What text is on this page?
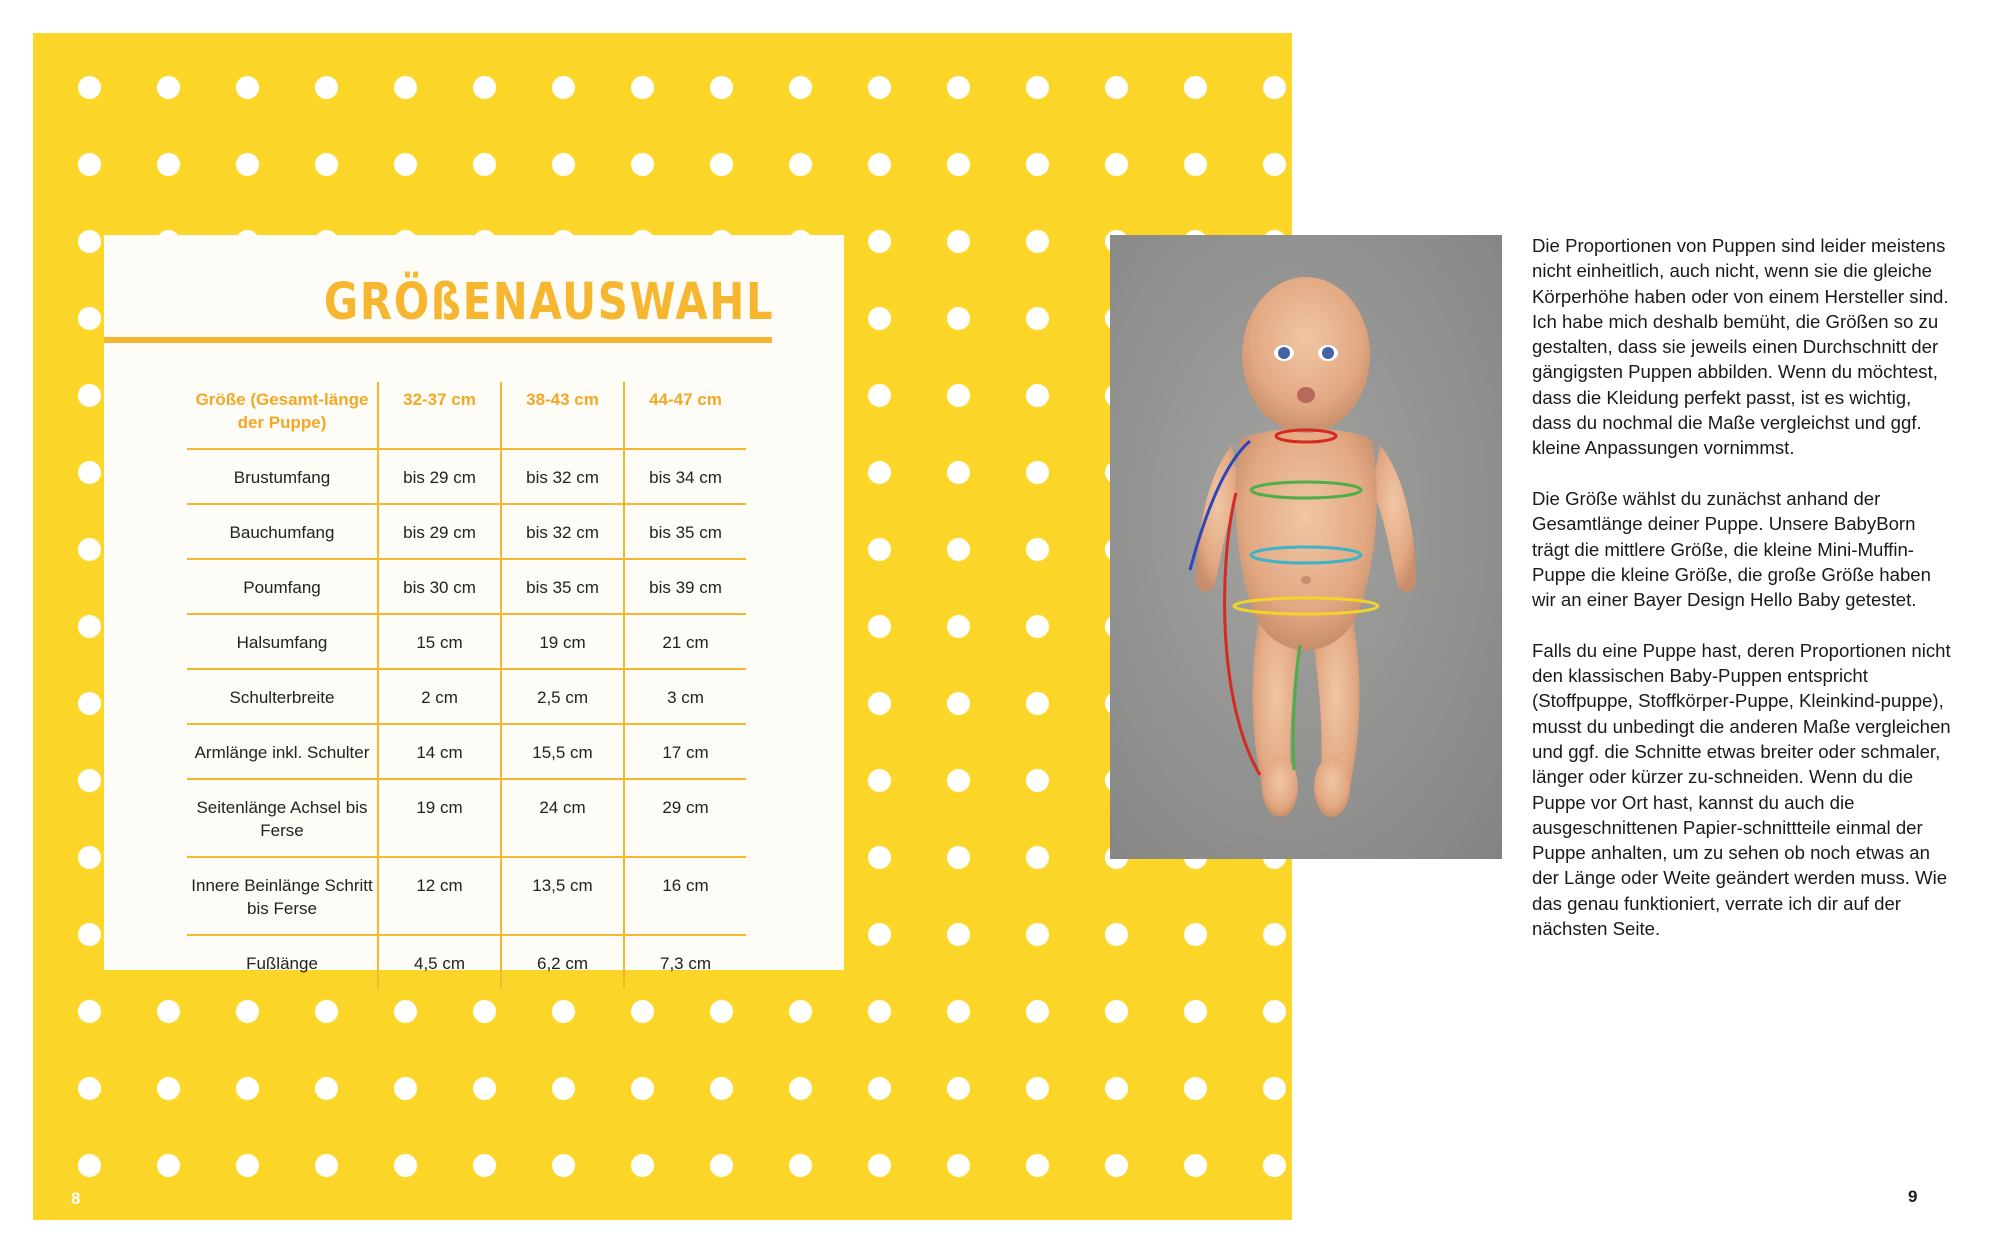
8
GRÖßENAUSWAHL
Größe (Gesamt-länge der Puppe)	32-37 cm	38-43 cm	44-47 cm
Brustumfang	bis 29 cm	bis 32 cm	bis 34 cm
Bauchumfang	bis 29 cm	bis 32 cm	bis 35 cm
Poumfang	bis 30 cm	bis 35 cm	bis 39 cm
Halsumfang	15 cm	19 cm	21 cm
Schulterbreite	2 cm	2,5 cm	3 cm
Armlänge inkl. Schulter	14 cm	15,5 cm	17 cm
Seitenlänge Achsel bis Ferse	19 cm	24 cm	29 cm
Innere Beinlänge Schritt bis Ferse	12 cm	13,5 cm	16 cm
Fußlänge	4,5 cm	6,2 cm	7,3 cm

Die Proportionen von Puppen sind leider meistens nicht einheitlich, auch nicht, wenn sie die gleiche Körperhöhe haben oder von einem Hersteller sind. Ich habe mich deshalb bemüht, die Größen so zu gestalten, dass sie jeweils einen Durchschnitt der gängigsten Puppen abbilden. Wenn du möchtest, dass die Kleidung perfekt passt, ist es wichtig, dass du nochmal die Maße vergleichst und ggf. kleine Anpassungen vornimmst.

Die Größe wählst du zunächst anhand der Gesamtlänge deiner Puppe. Unsere BabyBorn trägt die mittlere Größe, die kleine Mini-Muffin-Puppe die kleine Größe, die große Größe haben wir an einer Bayer Design Hello Baby getestet.

Falls du eine Puppe hast, deren Proportionen nicht den klassischen Baby-Puppen entspricht (Stoffpuppe, Stoffkörper-Puppe, Kleinkind-puppe), musst du unbedingt die anderen Maße vergleichen und ggf. die Schnitte etwas breiter oder schmaler, länger oder kürzer zu-schneiden. Wenn du die Puppe vor Ort hast, kannst du auch die ausgeschnittenen Papier-schnittteile einmal der Puppe anhalten, um zu sehen ob noch etwas an der Länge oder Weite geändert werden muss. Wie das genau funktioniert, verrate ich dir auf der nächsten Seite.

9
